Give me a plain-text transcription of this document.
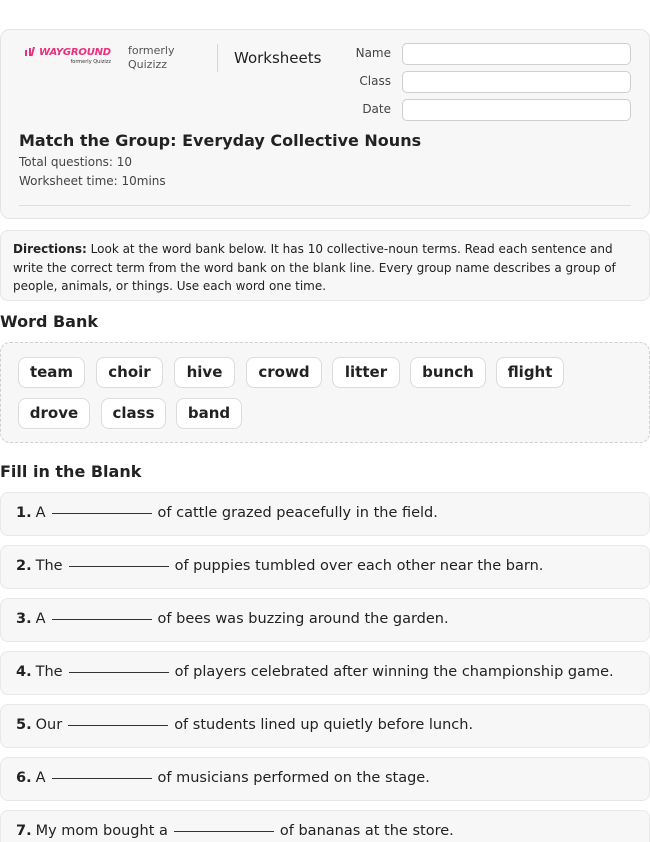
WAYGROUND
formerly Quizizz
formerly
Quizizz	Worksheets	Name
Class
Date
Match the Group: Everyday Collective Nouns
Total questions: 10
Worksheet time: 10mins
Directions: Look at the word bank below. It has 10 collective-noun terms. Read each sentence and write the correct term from the word bank on the blank line. Every group name describes a group of people, animals, or things. Use each word one time.
Word Bank
team	choir	hive	crowd	litter	bunch	flight
drove	class	band
Fill in the Blank
1. A	of cattle grazed peacefully in the field.
2. The	of puppies tumbled over each other near the barn.
3. A	of bees was buzzing around the garden.
4. The	of players celebrated after winning the championship game.
5. Our	of students lined up quietly before lunch.
6. A	of musicians performed on the stage.
7. My mom bought a	of bananas at the store.
